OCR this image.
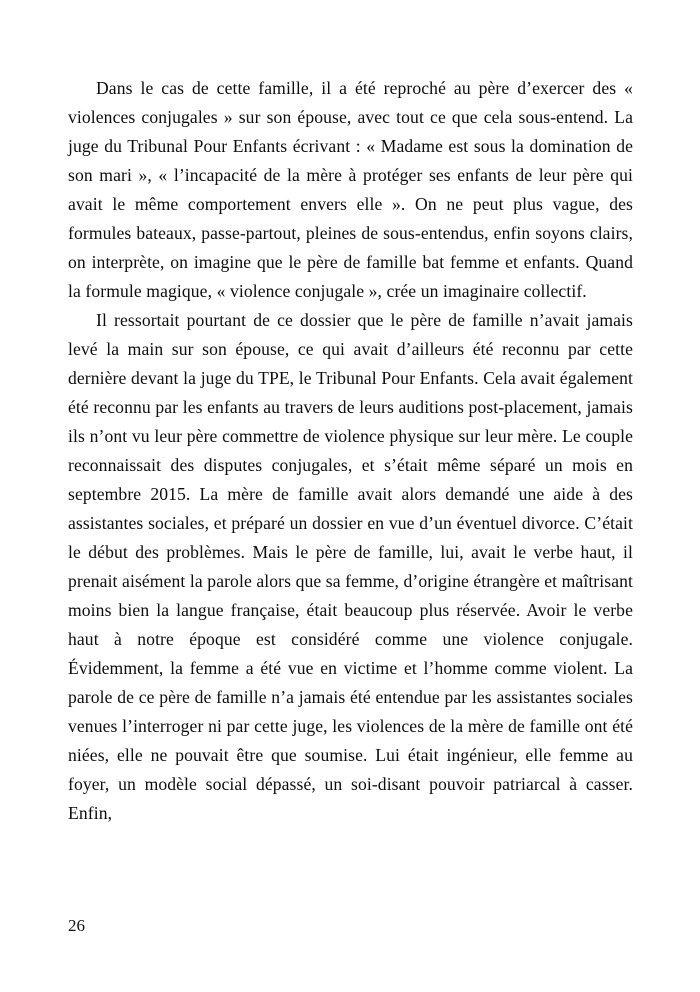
Dans le cas de cette famille, il a été reproché au père d’exercer des « violences conjugales » sur son épouse, avec tout ce que cela sous-entend. La juge du Tribunal Pour Enfants écrivant : « Madame est sous la domination de son mari », « l’incapacité de la mère à protéger ses enfants de leur père qui avait le même comportement envers elle ». On ne peut plus vague, des formules bateaux, passe-partout, pleines de sous-entendus, enfin soyons clairs, on interprète, on imagine que le père de famille bat femme et enfants. Quand la formule magique, « violence conjugale », crée un imaginaire collectif.

Il ressortait pourtant de ce dossier que le père de famille n’avait jamais levé la main sur son épouse, ce qui avait d’ailleurs été reconnu par cette dernière devant la juge du TPE, le Tribunal Pour Enfants. Cela avait également été reconnu par les enfants au travers de leurs auditions post-placement, jamais ils n’ont vu leur père commettre de violence physique sur leur mère. Le couple reconnaissait des disputes conjugales, et s’était même séparé un mois en septembre 2015. La mère de famille avait alors demandé une aide à des assistantes sociales, et préparé un dossier en vue d’un éventuel divorce. C’était le début des problèmes. Mais le père de famille, lui, avait le verbe haut, il prenait aisément la parole alors que sa femme, d’origine étrangère et maîtrisant moins bien la langue française, était beaucoup plus réservée. Avoir le verbe haut à notre époque est considéré comme une violence conjugale. Évidemment, la femme a été vue en victime et l’homme comme violent. La parole de ce père de famille n’a jamais été entendue par les assistantes sociales venues l’interroger ni par cette juge, les violences de la mère de famille ont été niées, elle ne pouvait être que soumise. Lui était ingénieur, elle femme au foyer, un modèle social dépassé, un soi-disant pouvoir patriarcal à casser. Enfin,

26
